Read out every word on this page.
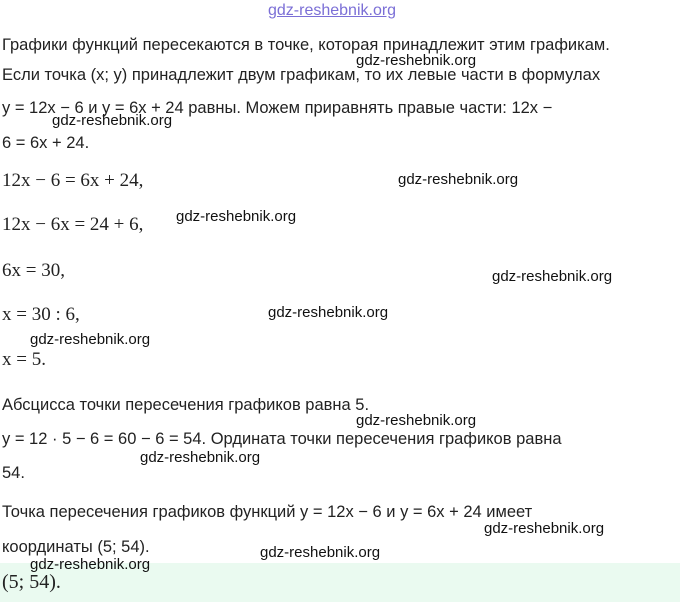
gdz-reshebnik.org
Графики функций пересекаются в точке, которая принадлежит этим графикам.
Если точка (x; y) принадлежит двум графикам, то их левые части в формулах
y = 12x − 6 и y = 6x + 24 равны. Можем приравнять правые части: 12x −
6 = 6x + 24.
12x − 6 = 6x + 24,
12x − 6x = 24 + 6,
6x = 30,
x = 30 : 6,
x = 5.
Абсцисса точки пересечения графиков равна 5.
y = 12 · 5 − 6 = 60 − 6 = 54. Ордината точки пересечения графиков равна
54.
Точка пересечения графиков функций y = 12x − 6 и y = 6x + 24 имеет
координаты (5; 54).
(5; 54).
gdz-reshebnik.org
gdz-reshebnik.org
gdz-reshebnik.org
gdz-reshebnik.org
gdz-reshebnik.org
gdz-reshebnik.org
gdz-reshebnik.org
gdz-reshebnik.org
gdz-reshebnik.org
gdz-reshebnik.org
gdz-reshebnik.org
gdz-reshebnik.org
